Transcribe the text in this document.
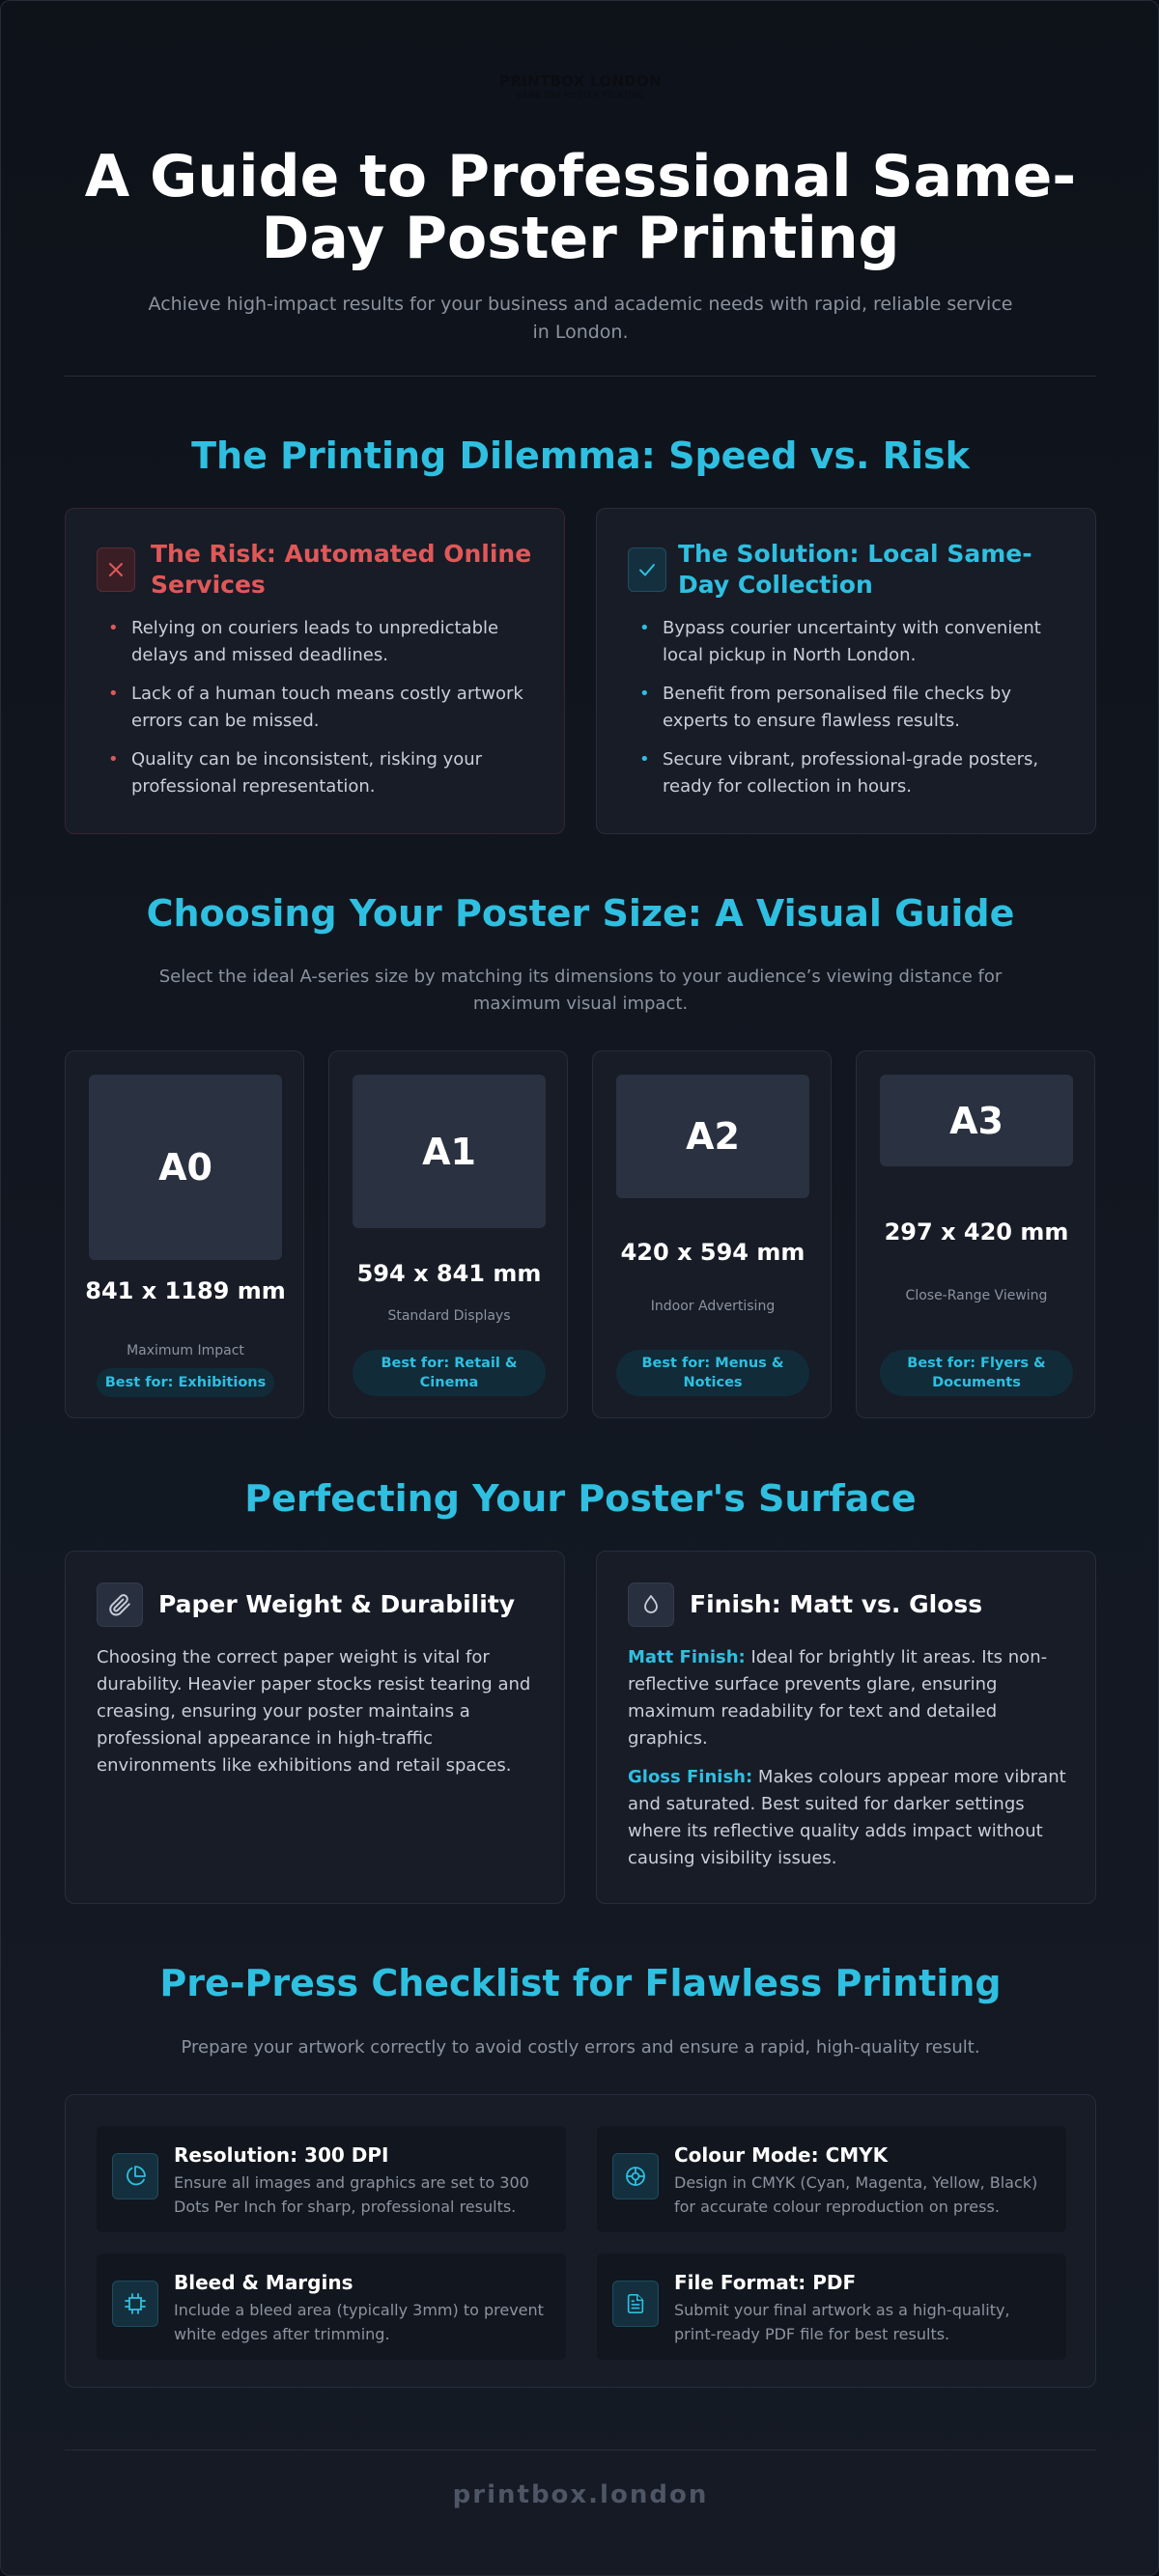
PRINTBOX LONDON
SAME DAY POSTER PRINTING
A Guide to Professional Same-Day Poster Printing

Achieve high-impact results for your business and academic needs with rapid, reliable service in London.

The Printing Dilemma: Speed vs. Risk
The Risk: Automated Online Services
• Relying on couriers leads to unpredictable delays and missed deadlines.
• Lack of a human touch means costly artwork errors can be missed.
• Quality can be inconsistent, risking your professional representation.
The Solution: Local Same-Day Collection
• Bypass courier uncertainty with convenient local pickup in North London.
• Benefit from personalised file checks by experts to ensure flawless results.
• Secure vibrant, professional-grade posters, ready for collection in hours.
Choosing Your Poster Size: A Visual Guide

Select the ideal A-series size by matching its dimensions to your audience’s viewing distance for maximum visual impact.

A0
841 x 1189 mm
Maximum Impact
Best for: Exhibitions
A1
594 x 841 mm
Standard Displays
Best for: Retail & Cinema
A2
420 x 594 mm
Indoor Advertising
Best for: Menus & Notices
A3
297 x 420 mm
Close-Range Viewing
Best for: Flyers & Documents
Perfecting Your Poster's Surface
Paper Weight & Durability

Choosing the correct paper weight is vital for durability. Heavier paper stocks resist tearing and creasing, ensuring your poster maintains a professional appearance in high-traffic environments like exhibitions and retail spaces.

Finish: Matt vs. Gloss

Matt Finish: Ideal for brightly lit areas. Its non-reflective surface prevents glare, ensuring maximum readability for text and detailed graphics.

Gloss Finish: Makes colours appear more vibrant and saturated. Best suited for darker settings where its reflective quality adds impact without causing visibility issues.

Pre-Press Checklist for Flawless Printing

Prepare your artwork correctly to avoid costly errors and ensure a rapid, high-quality result.

Resolution: 300 DPI
Ensure all images and graphics are set to 300 Dots Per Inch for sharp, professional results.
Colour Mode: CMYK
Design in CMYK (Cyan, Magenta, Yellow, Black) for accurate colour reproduction on press.
Bleed & Margins
Include a bleed area (typically 3mm) to prevent white edges after trimming.
File Format: PDF
Submit your final artwork as a high-quality, print-ready PDF file for best results.
printbox.london
